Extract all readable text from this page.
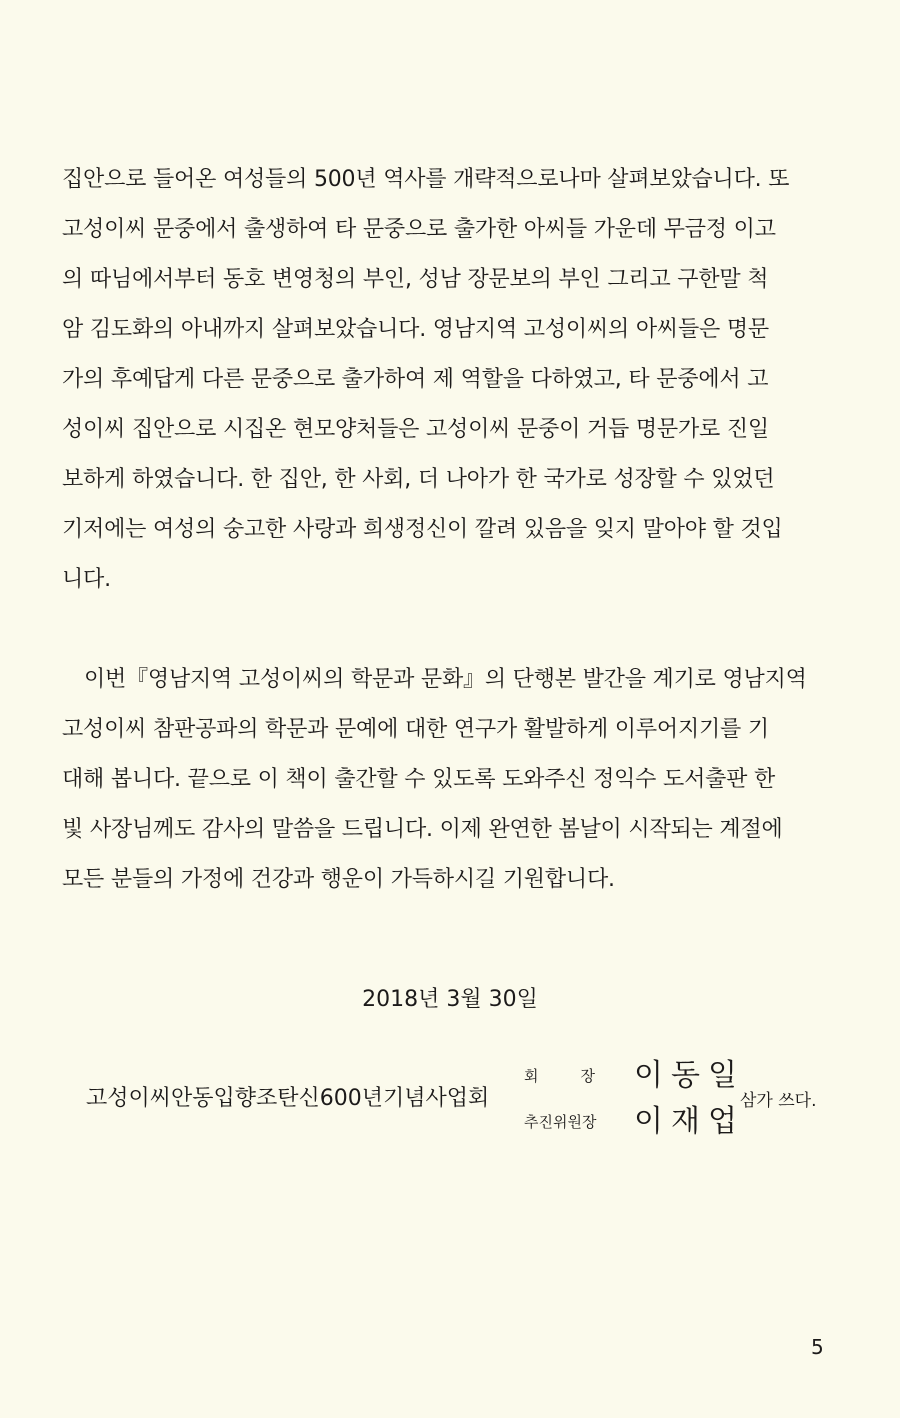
집안으로 들어온 여성들의 500년 역사를 개략적으로나마 살펴보았습니다. 또
고성이씨 문중에서 출생하여 타 문중으로 출가한 아씨들 가운데 무금정 이고
의 따님에서부터 동호 변영청의 부인, 성남 장문보의 부인 그리고 구한말 척
암 김도화의 아내까지 살펴보았습니다. 영남지역 고성이씨의 아씨들은 명문
가의 후예답게 다른 문중으로 출가하여 제 역할을 다하였고, 타 문중에서 고
성이씨 집안으로 시집온 현모양처들은 고성이씨 문중이 거듭 명문가로 진일
보하게 하였습니다. 한 집안, 한 사회, 더 나아가 한 국가로 성장할 수 있었던
기저에는 여성의 숭고한 사랑과 희생정신이 깔려 있음을 잊지 말아야 할 것입
니다.
이번『영남지역 고성이씨의 학문과 문화』의 단행본 발간을 계기로 영남지역
고성이씨 참판공파의 학문과 문예에 대한 연구가 활발하게 이루어지기를 기
대해 봅니다. 끝으로 이 책이 출간할 수 있도록 도와주신 정익수 도서출판 한
빛 사장님께도 감사의 말씀을 드립니다. 이제 완연한 봄날이 시작되는 계절에
모든 분들의 가정에 건강과 행운이 가득하시길 기원합니다.
2018년 3월 30일
고성이씨안동입향조탄신600년기념사업회
회장
이동일
추진위원장 이재업
삼가 쓰다.
5
